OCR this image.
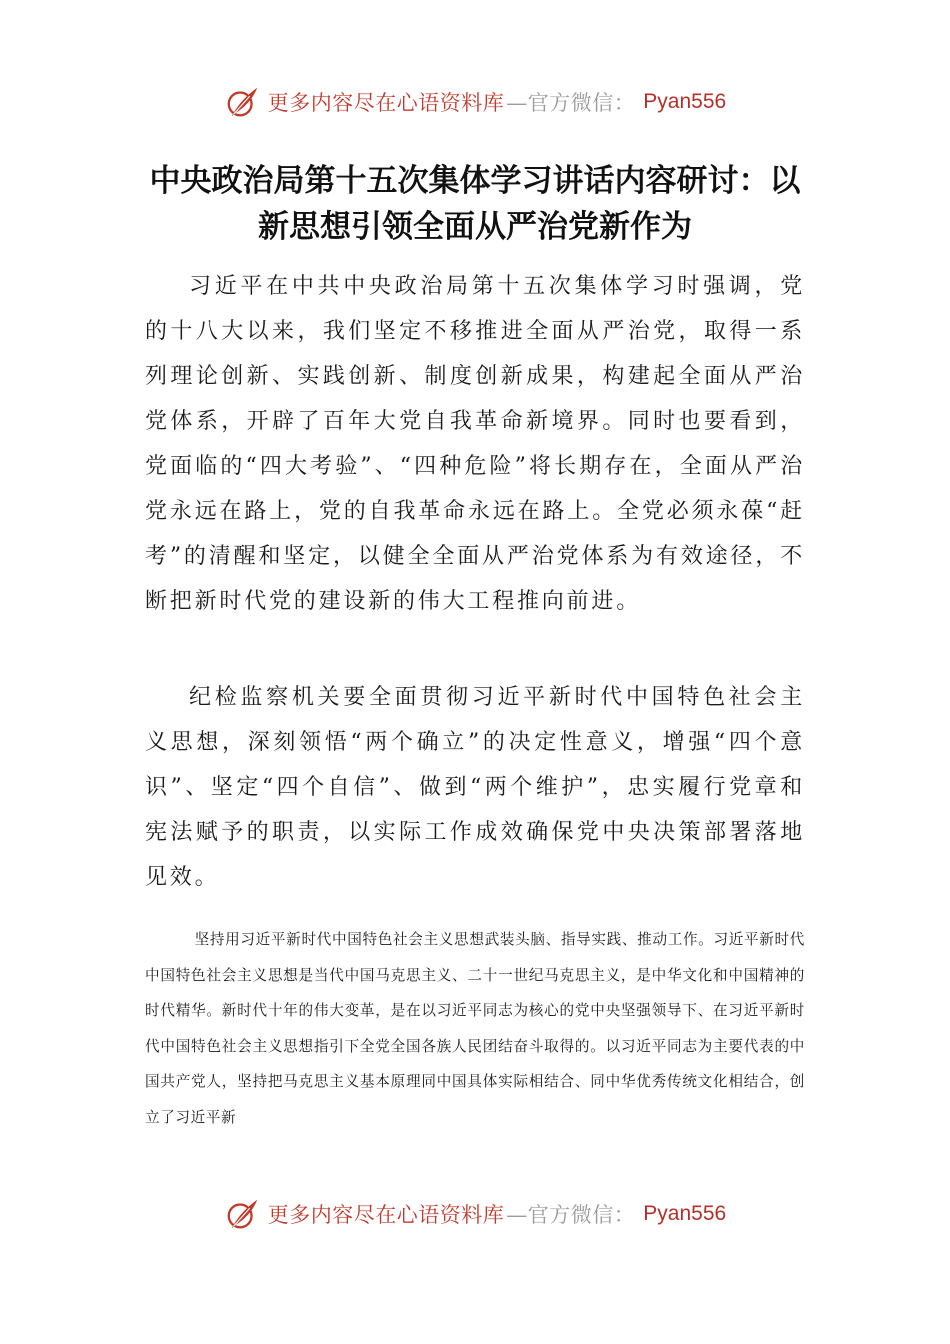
更多内容尽在心语资料库 —官方微信： Pyan556
中央政治局第十五次集体学习讲话内容研讨：以新思想引领全面从严治党新作为

习近平在中共中央政治局第十五次集体学习时强调，党的十八大以来，我们坚定不移推进全面从严治党，取得一系列理论创新、实践创新、制度创新成果，构建起全面从严治党体系，开辟了百年大党自我革命新境界。同时也要看到，党面临的“四大考验”、“四种危险”将长期存在，全面从严治党永远在路上，党的自我革命永远在路上。全党必须永葆“赶考”的清醒和坚定，以健全全面从严治党体系为有效途径，不断把新时代党的建设新的伟大工程推向前进。

纪检监察机关要全面贯彻习近平新时代中国特色社会主义思想，深刻领悟“两个确立”的决定性意义，增强“四个意识”、坚定“四个自信”、做到“两个维护”，忠实履行党章和宪法赋予的职责，以实际工作成效确保党中央决策部署落地见效。

坚持用习近平新时代中国特色社会主义思想武装头脑、指导实践、推动工作。习近平新时代中国特色社会主义思想是当代中国马克思主义、二十一世纪马克思主义，是中华文化和中国精神的时代精华。新时代十年的伟大变革，是在以习近平同志为核心的党中央坚强领导下、在习近平新时代中国特色社会主义思想指引下全党全国各族人民团结奋斗取得的。以习近平同志为主要代表的中国共产党人，坚持把马克思主义基本原理同中国具体实际相结合、同中华优秀传统文化相结合，创立了习近平新

更多内容尽在心语资料库 —官方微信： Pyan556
